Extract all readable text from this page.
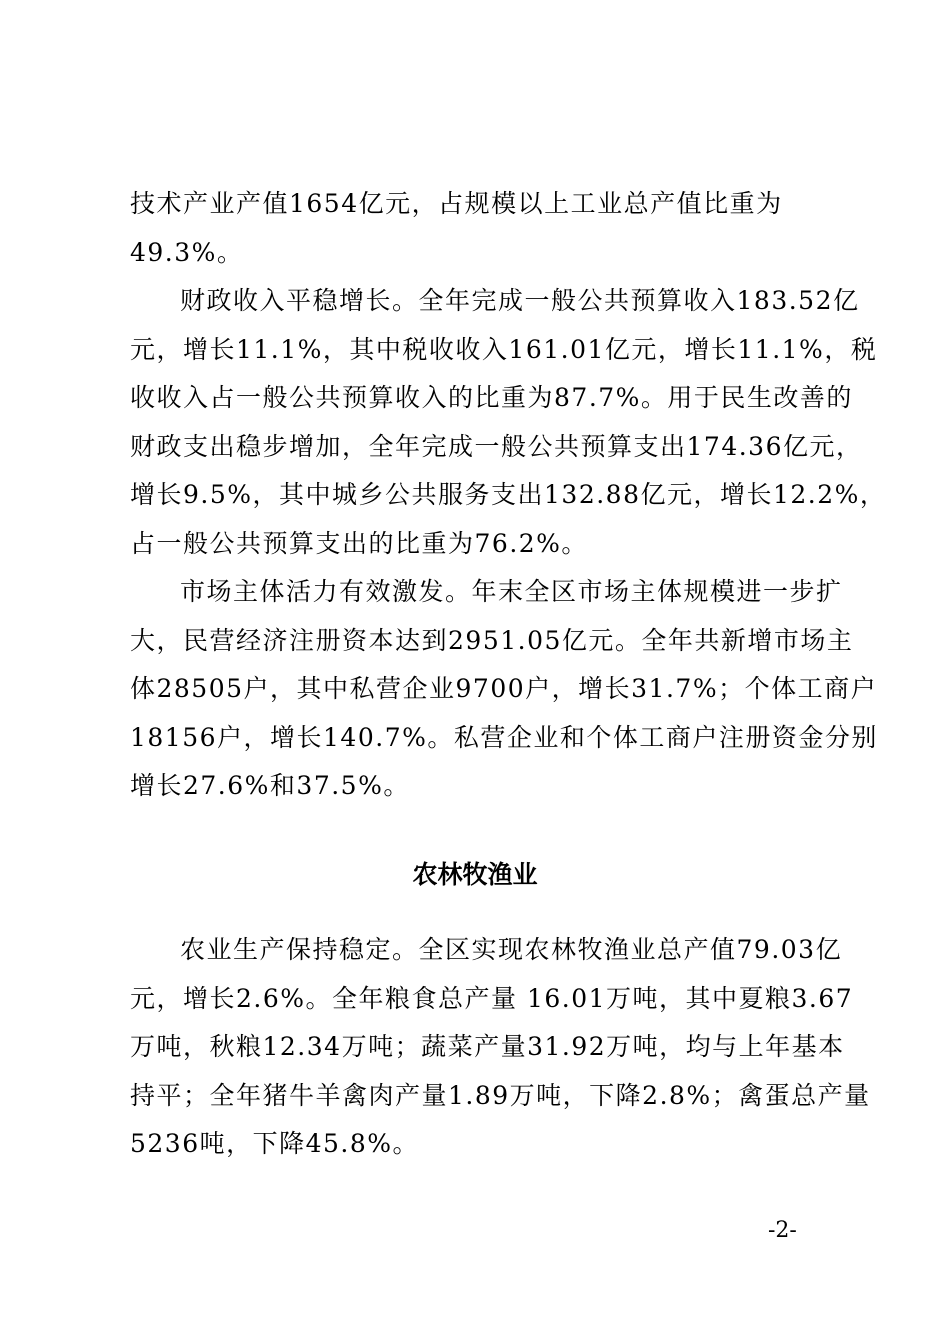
技术产业产值1654亿元，占规模以上工业总产值比重为
49.3%。
财政收入平稳增长。全年完成一般公共预算收入183.52亿
元，增长11.1%，其中税收收入161.01亿元，增长11.1%，税
收收入占一般公共预算收入的比重为87.7%。用于民生改善的
财政支出稳步增加，全年完成一般公共预算支出174.36亿元，
增长9.5%，其中城乡公共服务支出132.88亿元，增长12.2%，
占一般公共预算支出的比重为76.2%。
市场主体活力有效激发。年末全区市场主体规模进一步扩
大，民营经济注册资本达到2951.05亿元。全年共新增市场主
体28505户，其中私营企业9700户，增长31.7%；个体工商户
18156户，增长140.7%。私营企业和个体工商户注册资金分别
增长27.6%和37.5%。
农林牧渔业
农业生产保持稳定。全区实现农林牧渔业总产值79.03亿
元，增长2.6%。全年粮食总产量 16.01万吨，其中夏粮3.67
万吨，秋粮12.34万吨；蔬菜产量31.92万吨，均与上年基本
持平；全年猪牛羊禽肉产量1.89万吨，下降2.8%；禽蛋总产量
5236吨，下降45.8%。
-2-
